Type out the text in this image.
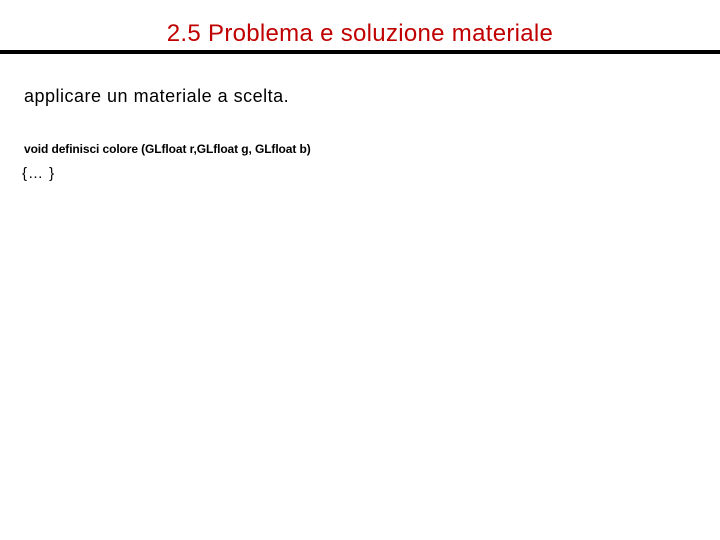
2.5 Problema e soluzione materiale
applicare un materiale a scelta.
void definisci colore (GLfloat r,GLfloat g, GLfloat b)
{… }
